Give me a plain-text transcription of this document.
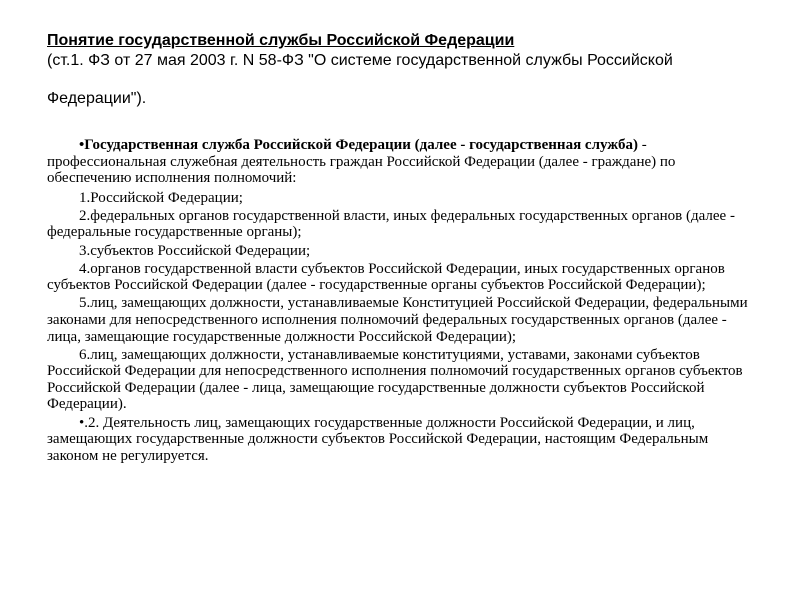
Понятие государственной службы Российской Федерации
(ст.1. ФЗ от 27 мая 2003 г. N 58-ФЗ "О системе государственной службы Российской
Федерации").

•Государственная служба Российской Федерации (далее - государственная служба) - профессиональная служебная деятельность граждан Российской Федерации (далее - граждане) по обеспечению исполнения полномочий:

1.Российской Федерации;

2.федеральных органов государственной власти, иных федеральных государственных органов (далее - федеральные государственные органы);

3.субъектов Российской Федерации;

4.органов государственной власти субъектов Российской Федерации, иных государственных органов субъектов Российской Федерации (далее - государственные органы субъектов Российской Федерации);

5.лиц, замещающих должности, устанавливаемые Конституцией Российской Федерации, федеральными законами для непосредственного исполнения полномочий федеральных государственных органов (далее - лица, замещающие государственные должности Российской Федерации);

6.лиц, замещающих должности, устанавливаемые конституциями, уставами, законами субъектов Российской Федерации для непосредственного исполнения полномочий государственных органов субъектов Российской Федерации (далее - лица, замещающие государственные должности субъектов Российской Федерации).

•.2. Деятельность лиц, замещающих государственные должности Российской Федерации, и лиц, замещающих государственные должности субъектов Российской Федерации, настоящим Федеральным законом не регулируется.
